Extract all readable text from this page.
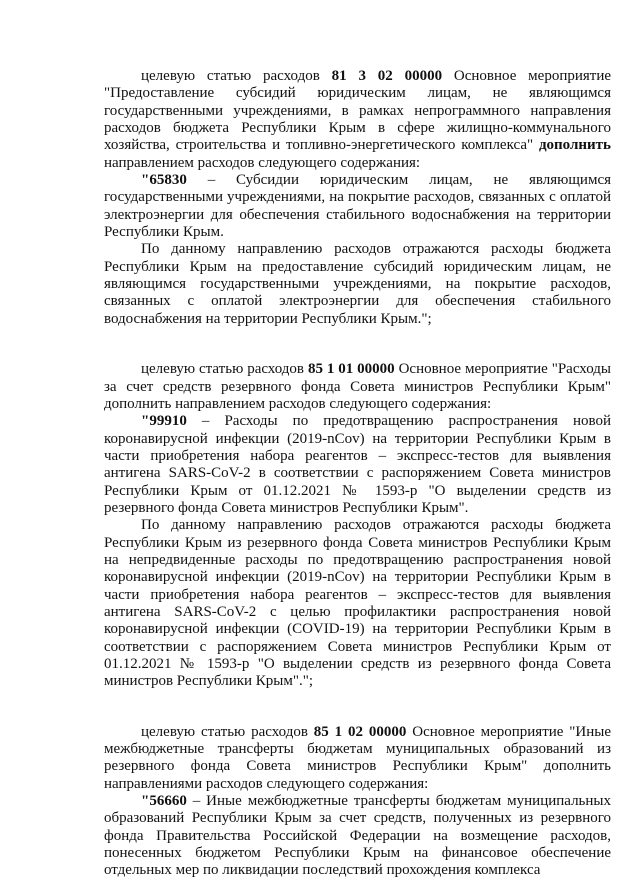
целевую статью расходов 81 3 02 00000 Основное мероприятие "Предоставление субсидий юридическим лицам, не являющимся государственными учреждениями, в рамках непрограммного направления расходов бюджета Республики Крым в сфере жилищно-коммунального хозяйства, строительства и топливно-энергетического комплекса" дополнить направлением расходов следующего содержания:

"65830 – Субсидии юридическим лицам, не являющимся государственными учреждениями, на покрытие расходов, связанных с оплатой электроэнергии для обеспечения стабильного водоснабжения на территории Республики Крым.

По данному направлению расходов отражаются расходы бюджета Республики Крым на предоставление субсидий юридическим лицам, не являющимся государственными учреждениями, на покрытие расходов, связанных с оплатой электроэнергии для обеспечения стабильного водоснабжения на территории Республики Крым.";

целевую статью расходов 85 1 01 00000 Основное мероприятие "Расходы за счет средств резервного фонда Совета министров Республики Крым" дополнить направлением расходов следующего содержания:

"99910 – Расходы по предотвращению распространения новой коронавирусной инфекции (2019-nCov) на территории Республики Крым в части приобретения набора реагентов – экспресс-тестов для выявления антигена SARS-CoV-2 в соответствии с распоряжением Совета министров Республики Крым от 01.12.2021 № 1593-р "О выделении средств из резервного фонда Совета министров Республики Крым".

По данному направлению расходов отражаются расходы бюджета Республики Крым из резервного фонда Совета министров Республики Крым на непредвиденные расходы по предотвращению распространения новой коронавирусной инфекции (2019-nCov) на территории Республики Крым в части приобретения набора реагентов – экспресс-тестов для выявления антигена SARS-CoV-2 с целью профилактики распространения новой коронавирусной инфекции (COVID-19) на территории Республики Крым в соответствии с распоряжением Совета министров Республики Крым от 01.12.2021 № 1593-р "О выделении средств из резервного фонда Совета министров Республики Крым".";

целевую статью расходов 85 1 02 00000 Основное мероприятие "Иные межбюджетные трансферты бюджетам муниципальных образований из резервного фонда Совета министров Республики Крым" дополнить направлениями расходов следующего содержания:

"56660 – Иные межбюджетные трансферты бюджетам муниципальных образований Республики Крым за счет средств, полученных из резервного фонда Правительства Российской Федерации на возмещение расходов, понесенных бюджетом Республики Крым на финансовое обеспечение отдельных мер по ликвидации последствий прохождения комплекса
